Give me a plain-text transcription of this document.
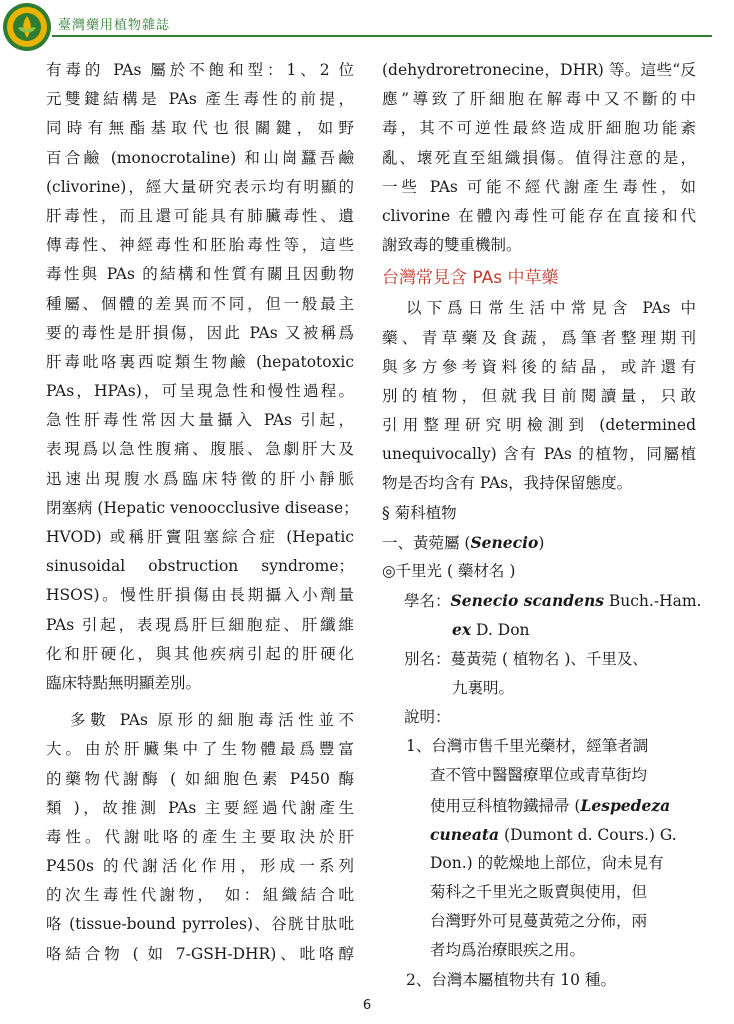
臺灣藥用植物雜誌
有毒的 PAs 屬於不飽和型：1、2 位
元雙鍵結構是 PAs 產生毒性的前提，
同時有無酯基取代也很關鍵，如野
百合鹼 (monocrotaline) 和山崗蠶吾鹼
(clivorine)，經大量研究表示均有明顯的
肝毒性，而且還可能具有肺臟毒性、遺
傳毒性、神經毒性和胚胎毒性等，這些
毒性與 PAs 的結構和性質有關且因動物
種屬、個體的差異而不同，但一般最主
要的毒性是肝損傷，因此 PAs 又被稱爲
肝毒吡咯裏西啶類生物鹼 (hepatotoxic
PAs，HPAs)，可呈現急性和慢性過程。
急性肝毒性常因大量攝入 PAs 引起，
表現爲以急性腹痛、腹脹、急劇肝大及
迅速出現腹水爲臨床特徵的肝小靜脈
閉塞病 (Hepatic venoocclusive disease；
HVOD) 或稱肝竇阻塞綜合症 (Hepatic
sinusoidal obstruction syndrome；
HSOS)。慢性肝損傷由長期攝入小劑量
PAs 引起，表現爲肝巨細胞症、肝纖維
化和肝硬化，與其他疾病引起的肝硬化
臨床特點無明顯差別。
多數 PAs 原形的細胞毒活性並不
大。由於肝臟集中了生物體最爲豐富
的藥物代謝酶 ( 如細胞色素 P450 酶
類 )，故推測 PAs 主要經過代謝產生
毒性。代謝吡咯的產生主要取決於肝
P450s 的代謝活化作用，形成一系列
的次生毒性代謝物， 如：組織結合吡
咯 (tissue-bound pyrroles)、谷胱甘肽吡
咯結合物 ( 如 7-GSH-DHR)、吡咯醇
(dehydroretronecine，DHR) 等。這些“反
應”導致了肝細胞在解毒中又不斷的中
毒，其不可逆性最終造成肝細胞功能紊
亂、壞死直至組織損傷。值得注意的是，
一些 PAs 可能不經代謝產生毒性，如
clivorine 在體內毒性可能存在直接和代
謝致毒的雙重機制。
台灣常見含 PAs 中草藥
以下爲日常生活中常見含 PAs 中
藥、青草藥及食蔬，爲筆者整理期刊
與多方參考資料後的結晶，或許還有
別的植物，但就我目前閱讀量，只敢
引用整理研究明檢測到 (determined
unequivocally) 含有 PAs 的植物，同屬植
物是否均含有 PAs，我持保留態度。
§ 菊科植物
一、黃菀屬 (Senecio)
◎千里光 ( 藥材名 )
學名：Senecio scandens Buch.-Ham.
ex D. Don
別名：蔓黃菀 ( 植物名 )、千里及、
九裏明。
說明：
1、台灣市售千里光藥材，經筆者調
查不管中醫醫療單位或青草街均
使用豆科植物鐵掃帚 (Lespedeza
cuneata (Dumont d. Cours.) G.
Don.) 的乾燥地上部位，尙未見有
菊科之千里光之販賣與使用，但
台灣野外可見蔓黃菀之分佈，兩
者均爲治療眼疾之用。
2、台灣本屬植物共有 10 種。
6
